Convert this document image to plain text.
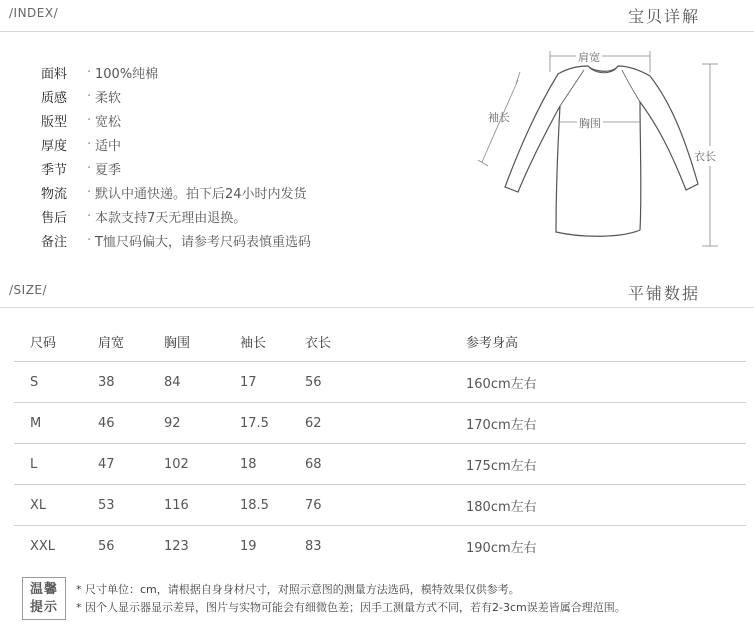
/INDEX/	宝贝详解
面料	· 100%纯棉
质感	· 柔软
版型	· 宽松
厚度	· 适中
季节	· 夏季
物流	· 默认中通快递。拍下后24小时内发货
售后	· 本款支持7天无理由退换。
备注	· T恤尺码偏大，请参考尺码表慎重选码
肩宽
袖长	胸围
衣长
/SIZE/	平铺数据
尺码	肩宽	胸围	袖长	衣长	参考身高
S	38	84	17	56	160cm左右
M	46	92	17.5	62	170cm左右
L	47	102	18	68	175cm左右
XL	53	116	18.5	76	180cm左右
XXL	56	123	19	83	190cm左右
温馨
提示
* 尺寸单位：cm，请根据自身身材尺寸，对照示意图的测量方法选码，模特效果仅供参考。
* 因个人显示器显示差异，图片与实物可能会有细微色差；因手工测量方式不同，若有2-3cm误差皆属合理范围。
